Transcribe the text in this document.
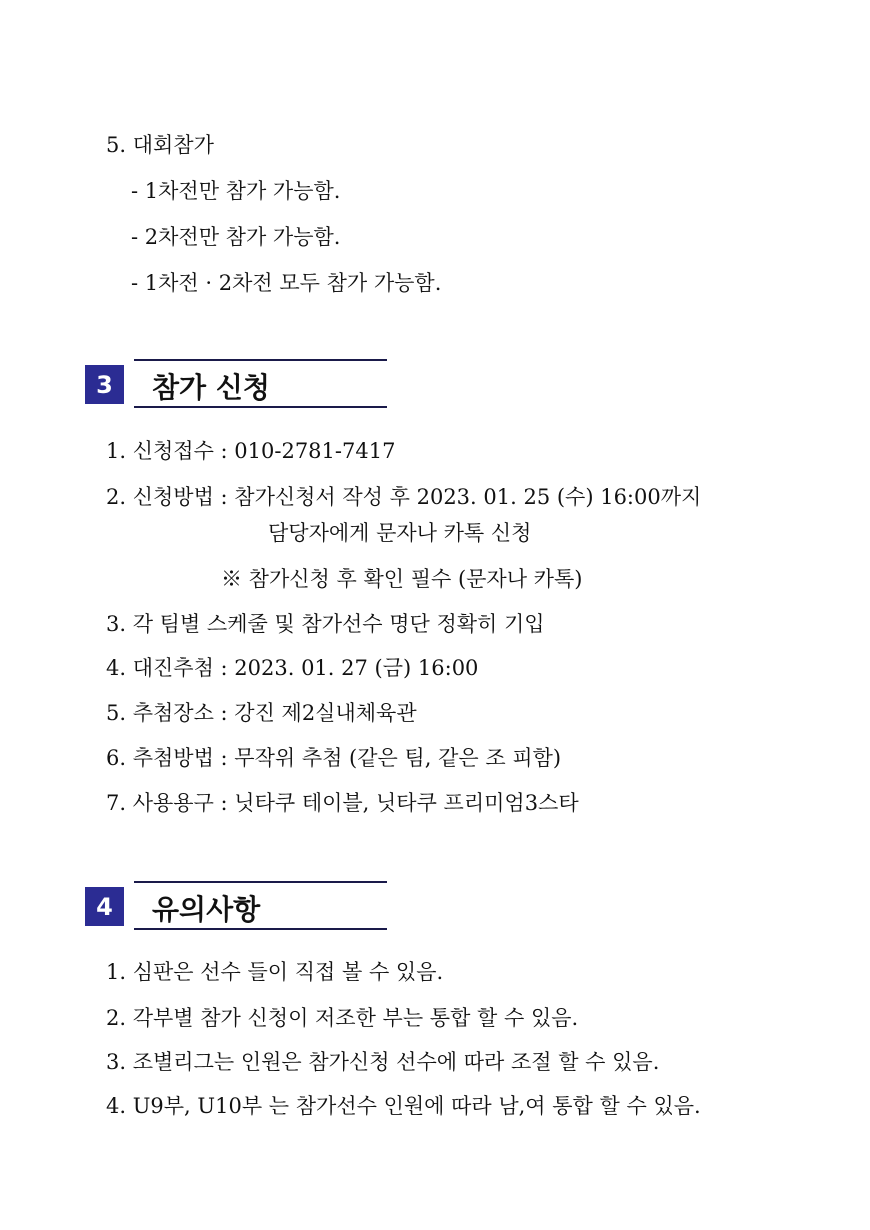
5. 대회참가
- 1차전만 참가 가능함.
- 2차전만 참가 가능함.
- 1차전 · 2차전 모두 참가 가능함.
3	참가 신청
1. 신청접수 : 010-2781-7417
2. 신청방법 : 참가신청서 작성 후 2023. 01. 25 (수) 16:00까지
담당자에게 문자나 카톡 신청
※ 참가신청 후 확인 필수 (문자나 카톡)
3. 각 팀별 스케줄 및 참가선수 명단 정확히 기입
4. 대진추첨 : 2023. 01. 27 (금) 16:00
5. 추첨장소 : 강진 제2실내체육관
6. 추첨방법 : 무작위 추첨 (같은 팀, 같은 조 피함)
7. 사용용구 : 닛타쿠 테이블, 닛타쿠 프리미엄3스타
4	유의사항
1. 심판은 선수 들이 직접 볼 수 있음.
2. 각부별 참가 신청이 저조한 부는 통합 할 수 있음.
3. 조별리그는 인원은 참가신청 선수에 따라 조절 할 수 있음.
4. U9부, U10부 는 참가선수 인원에 따라 남,여 통합 할 수 있음.
